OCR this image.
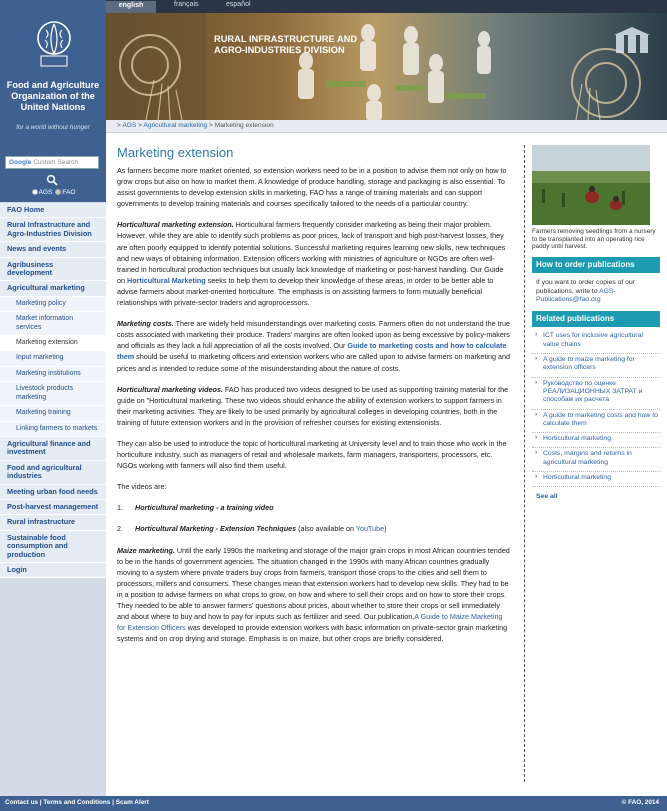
Food and Agriculture Organization of the United Nations
for a world without hunger
Google Custom Search
AGS FAO
FAO Home
Rural Infrastructure and Agro-Industries Division
News and events
Agribusiness development
Agricultural marketing
Marketing policy
Market information services
Marketing extension
Input marketing
Marketing institutions
Livestock products marketing
Marketing training
Linking farmers to markets
Agricultural finance and investment
Food and agricultural industries
Meeting urban food needs
Post-harvest management
Rural infrastructure
Sustainable food consumption and production
Login
english	français	español
RURAL INFRASTRUCTURE AND
AGRO-INDUSTRIES DIVISION
> AGS > Agricultural marketing > Marketing extension
Marketing extension

As farmers become more market oriented, so extension workers need to be in a position to advise them not only on how to grow crops but also on how to market them. A knowledge of produce handling, storage and packaging is also essential. To assist governments to develop extension skills in marketing, FAO has a range of training materials and can support governments to develop training materials and courses specifically tailored to the needs of a particular country.

Horticultural marketing extension. Horticultural farmers frequently consider marketing as being their major problem. However, while they are able to identify such problems as poor prices, lack of transport and high post-harvest losses, they are often poorly equipped to identify potential solutions. Successful marketing requires learning new skills, new techniques and new ways of obtaining information. Extension officers working with ministries of agriculture or NGOs are often well-trained in horticultural production techniques but usually lack knowledge of marketing or post-harvest handling. Our Guide on Horticultural Marketing seeks to help them to develop their knowledge of these areas, in order to be better able to advise farmers about market-oriented horticulture. The emphasis is on assisting farmers to form mutually beneficial relationships with private-sector traders and agroprocessors.

Marketing costs. There are widely held misunderstandings over marketing costs. Farmers often do not understand the true costs associated with marketing their produce. Traders' margins are often looked upon as being excessive by policy-makers and officials as they lack a full appreciation of all the costs involved. Our Guide to marketing costs and how to calculate them should be useful to marketing officers and extension workers who are called upon to advise farmers on marketing and prices and is intended to reduce some of the misunderstanding about the nature of costs.

Horticultural marketing videos. FAO has produced two videos designed to be used as supporting training material for the guide on "Horticultural marketing. These two videos should enhance the ability of extension workers to support farmers in their marketing activities. They are likely to be used primarily by agricultural colleges in developing countries, both in the training of future extension workers and in the provision of refresher courses for existing extensionists.

They can also be used to introduce the topic of horticultural marketing at University level and to train those who work in the horticulture industry, such as managers of retail and wholesale markets, farm managers, transporters, processors, etc. NGOs working with farmers will also find them useful.

The videos are:

1. Horticultural marketing - a training video
2. Horticultural Marketing - Extension Techniques (also available on YouTube)

Maize marketing. Until the early 1990s the marketing and storage of the major grain crops in most African countries tended to be in the hands of government agencies. The situation changed in the 1990s with many African countries gradually moving to a system where private traders buy crops from farmers, transport those crops to the cities and sell them to processors, millers and consumers. These changes mean that extension workers had to develop new skills. They had to be in a position to advise farmers on what crops to grow, on how and where to sell their crops and on how to store their crops. They needed to be able to answer farmers' questions about prices, about whether to store their crops or sell immediately and about where to buy and how to pay for inputs such as fertilizer and seed. Our publication,A Guide to Maize Marketing for Extension Officers was developed to provide extension workers with basic information on private-sector grain marketing systems and on crop drying and storage. Emphasis is on maize, but other crops are briefly considered.

Farmers removing seedlings from a nursery to be transplanted into an operating rice paddy until harvest.
How to order publications
If you want to order copies of our publications, write to AGS-Publications@fao.org
Related publications
› ICT uses for inclusive agricultural value chains
› A guide to maize marketing for extension officers
› Руководство по оценке РЕАЛИЗАЦИОННЫХ ЗАТРАТ и способам их расчета
› A guide to marketing costs and how to calculate them
› Horticultural marketing
› Costs, margins and returns in agricultural marketing
› Horticultural marketing
See all
Contact us | Terms and Conditions | Scam Alert	© FAO, 2014
